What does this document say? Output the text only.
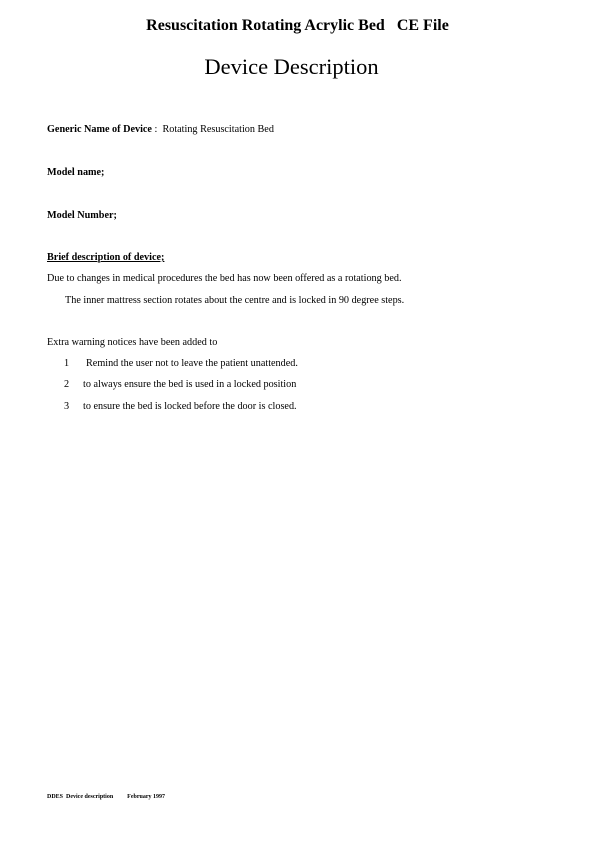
Resuscitation Rotating Acrylic Bed   CE File
Device Description
Generic Name of Device :  Rotating Resuscitation Bed
Model name;
Model Number;
Brief description of device;
Due to changes in medical procedures the bed has now been offered as a rotationg bed.
The inner mattress section rotates about the centre and is locked in 90 degree steps.
Extra warning notices have been added to
1 Remind the user not to leave the patient unattended.
2 to always ensure the bed is used in a locked position
3 to ensure the bed is locked before the door is closed.
DDES  Device description February 1997
